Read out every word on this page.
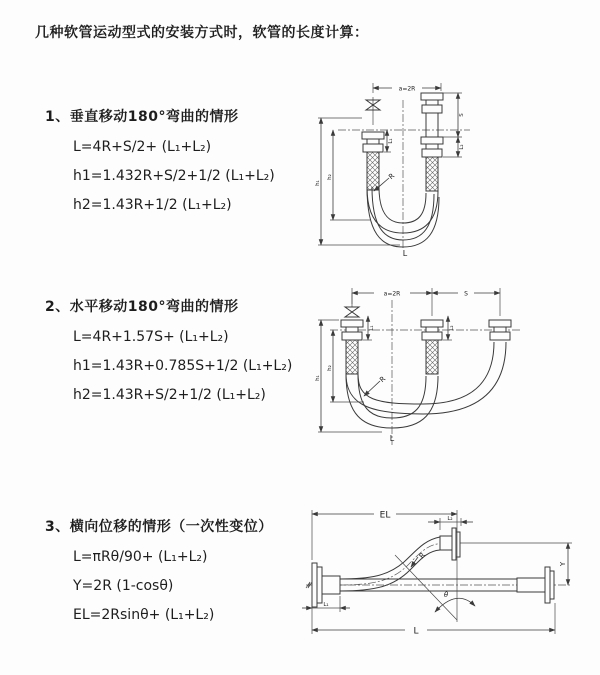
几种软管运动型式的安装方式时，软管的长度计算：
1、垂直移动180°弯曲的情形
L=4R+S/2+ (L₁+L₂)
h1=1.432R+S/2+1/2 (L₁+L₂)
h2=1.43R+1/2 (L₁+L₂)
2、水平移动180°弯曲的情形
L=4R+1.57S+ (L₁+L₂)
h1=1.43R+0.785S+1/2 (L₁+L₂)
h2=1.43R+S/2+1/2 (L₁+L₂)
3、横向位移的情形（一次性变位）
L=πRθ/90+ (L₁+L₂)
Y=2R (1-cosθ)
EL=2Rsinθ+ (L₁+L₂)
a=2R
h₁
h₂
L₁
S
L₂
R
L
a=2R	S
h₁
h₂
L₁	L₂
R
L
EL	L₂
Y
L
L₁
θ
R
